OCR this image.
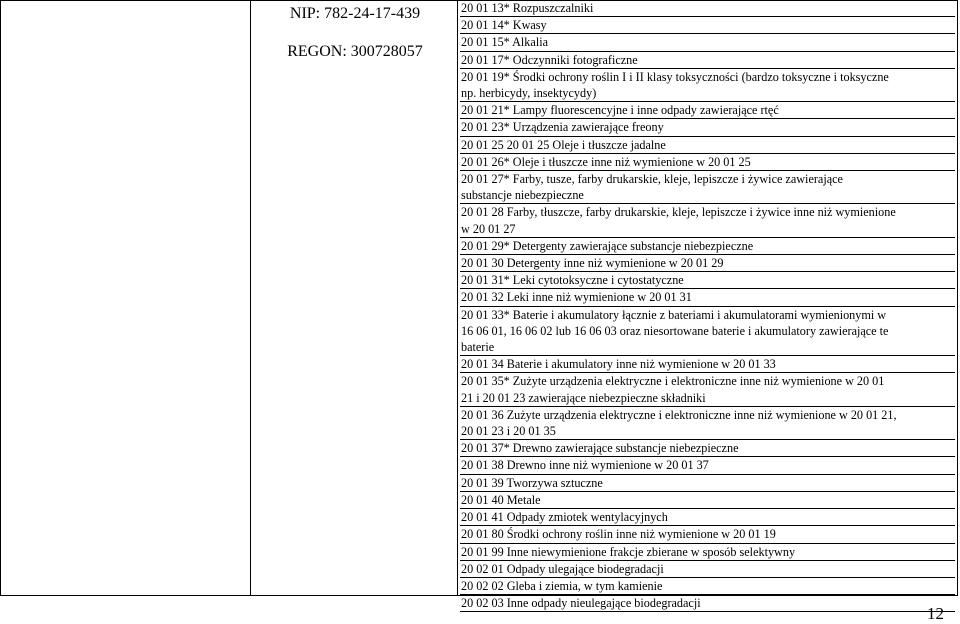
NIP: 782-24-17-439
REGON: 300728057
20 01 13* Rozpuszczalniki
20 01 14* Kwasy
20 01 15* Alkalia
20 01 17* Odczynniki fotograficzne
20 01 19* Środki ochrony roślin I i II klasy toksyczności (bardzo toksyczne i toksyczne
np. herbicydy, insektycydy)
20 01 21* Lampy fluorescencyjne i inne odpady zawierające rtęć
20 01 23* Urządzenia zawierające freony
20 01 25 20 01 25 Oleje i tłuszcze jadalne
20 01 26* Oleje i tłuszcze inne niż wymienione w 20 01 25
20 01 27* Farby, tusze, farby drukarskie, kleje, lepiszcze i żywice zawierające
substancje niebezpieczne
20 01 28 Farby, tłuszcze, farby drukarskie, kleje, lepiszcze i żywice inne niż wymienione
w 20 01 27
20 01 29* Detergenty zawierające substancje niebezpieczne
20 01 30 Detergenty inne niż wymienione w 20 01 29
20 01 31* Leki cytotoksyczne i cytostatyczne
20 01 32 Leki inne niż wymienione w 20 01 31
20 01 33* Baterie i akumulatory łącznie z bateriami i akumulatorami wymienionymi w
16 06 01, 16 06 02 lub 16 06 03 oraz niesortowane baterie i akumulatory zawierające te
baterie
20 01 34 Baterie i akumulatory inne niż wymienione w 20 01 33
20 01 35* Zużyte urządzenia elektryczne i elektroniczne inne niż wymienione w 20 01
21 i 20 01 23 zawierające niebezpieczne składniki
20 01 36 Zużyte urządzenia elektryczne i elektroniczne inne niż wymienione w 20 01 21,
20 01 23 i 20 01 35
20 01 37* Drewno zawierające substancje niebezpieczne
20 01 38 Drewno inne niż wymienione w 20 01 37
20 01 39 Tworzywa sztuczne
20 01 40 Metale
20 01 41 Odpady zmiotek wentylacyjnych
20 01 80 Środki ochrony roślin inne niż wymienione w 20 01 19
20 01 99 Inne niewymienione frakcje zbierane w sposób selektywny
20 02 01 Odpady ulegające biodegradacji
20 02 02 Gleba i ziemia, w tym kamienie
20 02 03 Inne odpady nieulegające biodegradacji
12
